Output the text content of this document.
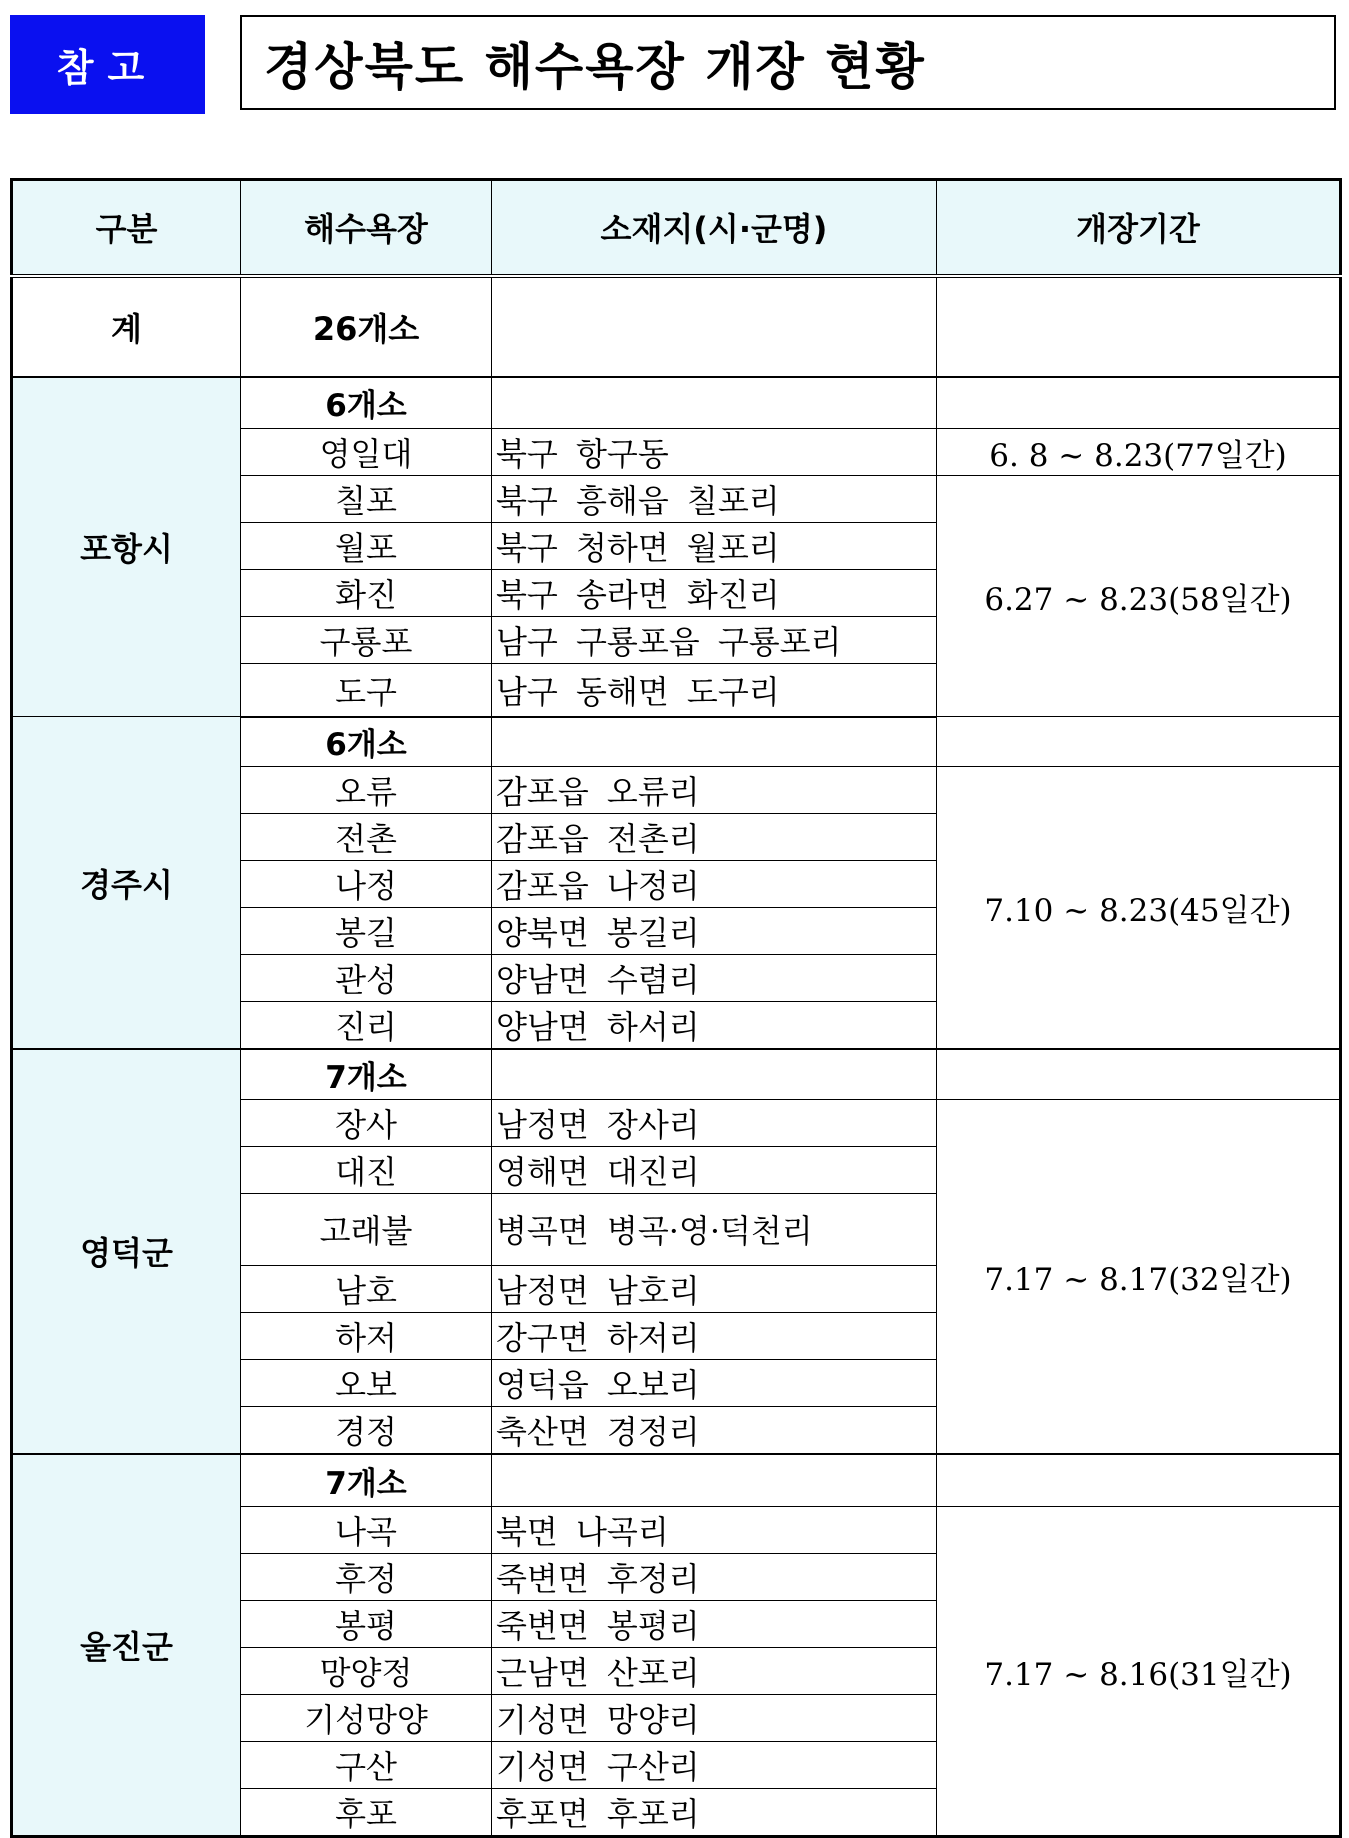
참고	경상북도 해수욕장 개장 현황
구분	해수욕장	소재지(시·군명)	개장기간
계	26개소		
포항시	6개소		
	영일대	북구 항구동	6. 8 ~ 8.23(77일간)
	칠포	북구 흥해읍 칠포리	6.27 ~ 8.23(58일간)
	월포	북구 청하면 월포리	
	화진	북구 송라면 화진리	
	구룡포	남구 구룡포읍 구룡포리	
	도구	남구 동해면 도구리	
경주시	6개소		
	오류	감포읍 오류리	7.10 ~ 8.23(45일간)
	전촌	감포읍 전촌리	
	나정	감포읍 나정리	
	봉길	양북면 봉길리	
	관성	양남면 수렴리	
	진리	양남면 하서리	
영덕군	7개소		
	장사	남정면 장사리	7.17 ~ 8.17(32일간)
	대진	영해면 대진리	
	고래불	병곡면 병곡·영·덕천리	
	남호	남정면 남호리	
	하저	강구면 하저리	
	오보	영덕읍 오보리	
	경정	축산면 경정리	
울진군	7개소		
	나곡	북면 나곡리	7.17 ~ 8.16(31일간)
	후정	죽변면 후정리	
	봉평	죽변면 봉평리	
	망양정	근남면 산포리	
	기성망양	기성면 망양리	
	구산	기성면 구산리	
	후포	후포면 후포리	
